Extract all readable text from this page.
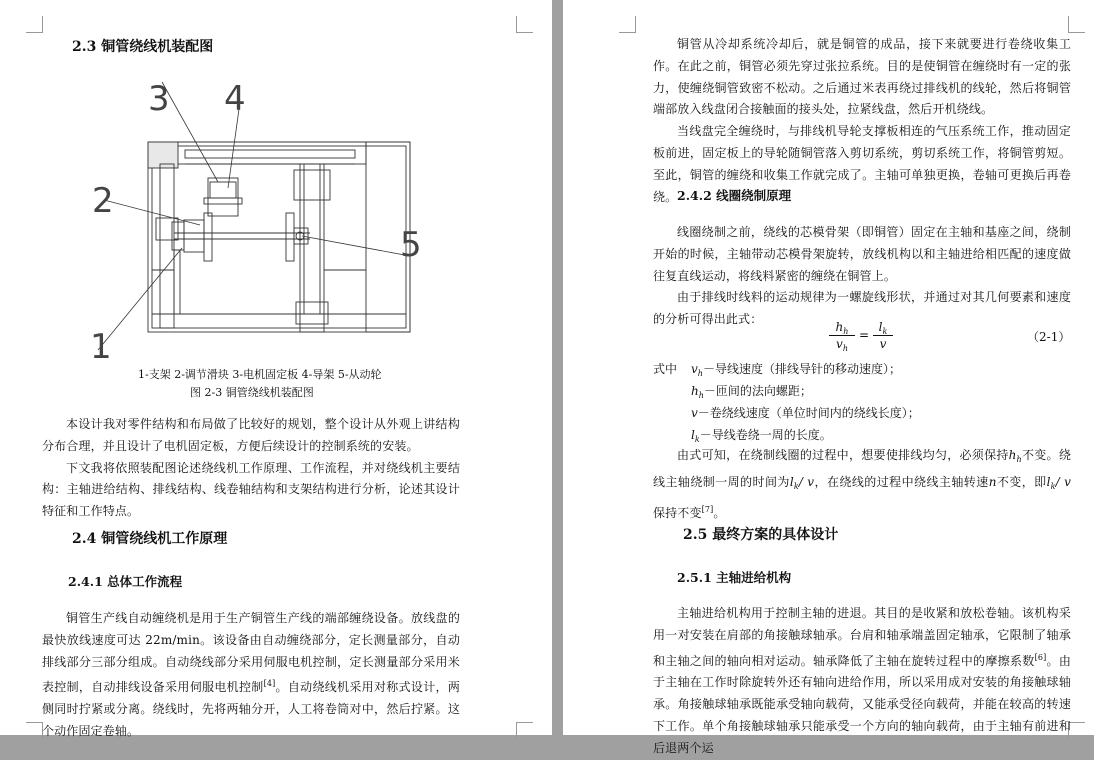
2.3 铜管绕线机装配图
3 4
2
5
1
1-支架 2-调节滑块 3-电机固定板 4-导架 5-从动轮
图 2-3 铜管绕线机装配图

本设计我对零件结构和布局做了比较好的规划，整个设计从外观上讲结构分布合理，并且设计了电机固定板，方便后续设计的控制系统的安装。

下文我将依照装配图论述绕线机工作原理、工作流程，并对绕线机主要结构：主轴进给结构、排线结构、线卷轴结构和支架结构进行分析，论述其设计特征和工作特点。

2.4 铜管绕线机工作原理
2.4.1 总体工作流程

铜管生产线自动缠绕机是用于生产铜管生产线的端部缠绕设备。放线盘的最快放线速度可达 22m/min。该设备由自动缠绕部分，定长测量部分，自动排线部分三部分组成。自动绕线部分采用伺服电机控制，定长测量部分采用米表控制，自动排线设备采用伺服电机控制[4]。自动绕线机采用对称式设计，两侧同时拧紧或分离。绕线时，先将两轴分开，人工将卷筒对中，然后拧紧。这个动作固定卷轴。

铜管从冷却系统冷却后，就是铜管的成品，接下来就要进行卷绕收集工作。在此之前，铜管必须先穿过张拉系统。目的是使铜管在缠绕时有一定的张力，使缠绕铜管致密不松动。之后通过米表再绕过排线机的线轮，然后将铜管端部放入线盘闭合接触面的接头处，拉紧线盘，然后开机绕线。

当线盘完全缠绕时，与排线机导轮支撑板相连的气压系统工作，推动固定板前进，固定板上的导轮随铜管落入剪切系统，剪切系统工作，将铜管剪短。至此，铜管的缠绕和收集工作就完成了。主轴可单独更换，卷轴可更换后再卷绕。 2.4.2 线圈绕制原理

线圈绕制之前，绕线的芯模骨架（即铜管）固定在主轴和基座之间，绕制开始的时候，主轴带动芯模骨架旋转，放线机构以和主轴进给相匹配的速度做往复直线运动，将线料紧密的缠绕在铜管上。

由于排线时线料的运动规律为一螺旋线形状，并通过对其几何要素和速度的分析可得出此式：

$h_h$
$v_h$
=
$l_k$
v	（2-1）
式中 $v_h-$导线速度（排线导针的移动速度）；
$h_h-$匝间的法向螺距；
v－卷绕线速度（单位时间内的绕线长度）；
$l_k-$导线卷绕一周的长度。

由式可知，在绕制线圈的过程中，想要使排线均匀，必须保持$h_h$不变。绕线主轴绕制一周的时间为$l_k/$ v，在绕线的过程中绕线主轴转速n不变，即$l_k/$ v保持不变[7]。

2.5 最终方案的具体设计
2.5.1 主轴进给机构

主轴进给机构用于控制主轴的进退。其目的是收紧和放松卷轴。该机构采用一对安装在肩部的角接触球轴承。台肩和轴承端盖固定轴承，它限制了轴承和主轴之间的轴向相对运动。轴承降低了主轴在旋转过程中的摩擦系数[6]。由于主轴在工作时除旋转外还有轴向进给作用，所以采用成对安装的角接触球轴承。角接触球轴承既能承受轴向载荷，又能承受径向载荷，并能在较高的转速下工作。单个角接触球轴承只能承受一个方向的轴向载荷，由于主轴有前进和后退两个运
